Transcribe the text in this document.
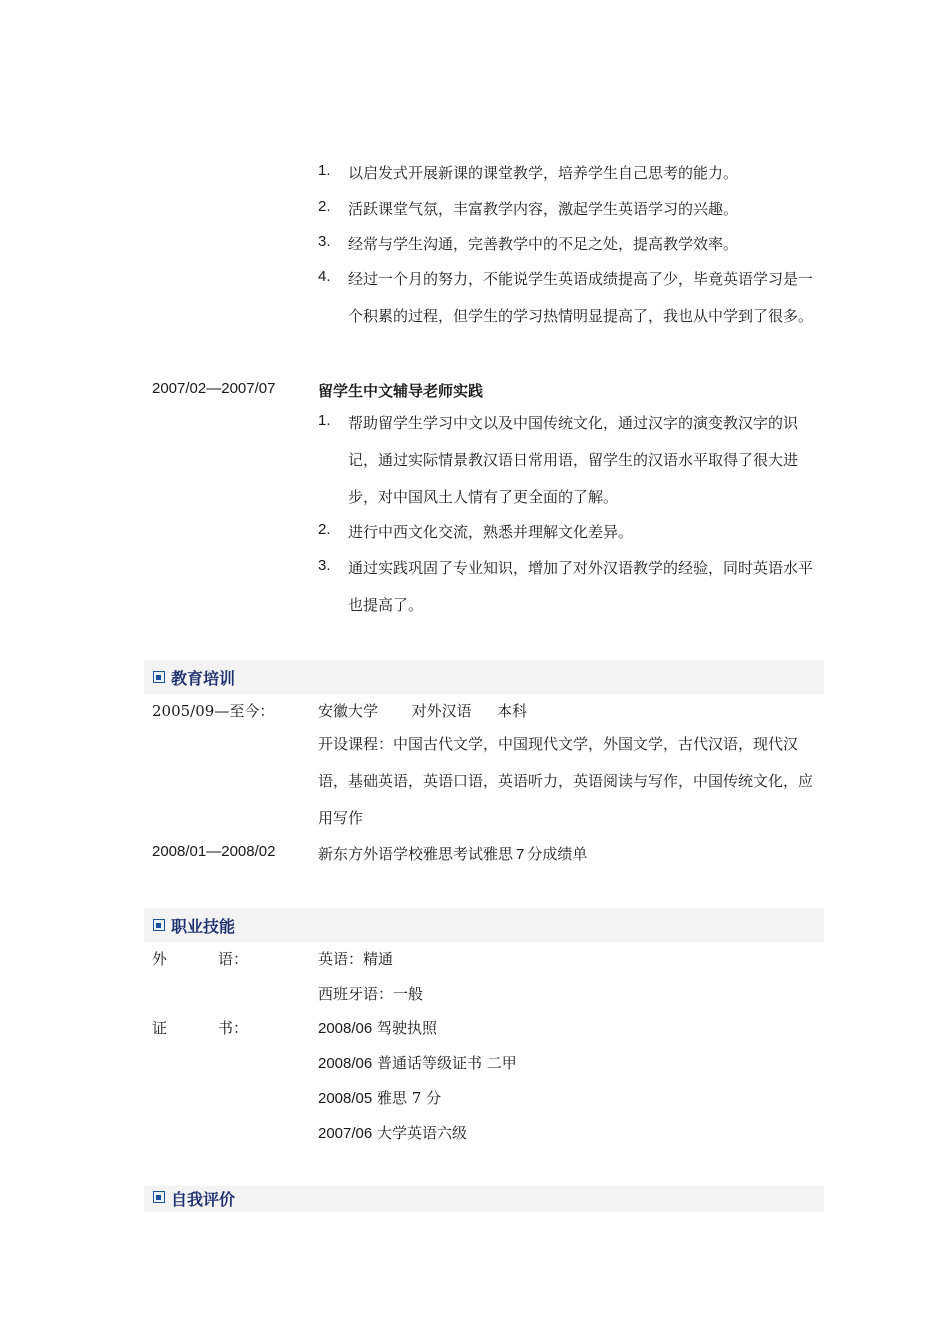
1. 以启发式开展新课的课堂教学，培养学生自己思考的能力。
2. 活跃课堂气氛，丰富教学内容，激起学生英语学习的兴趣。
3. 经常与学生沟通，完善教学中的不足之处，提高教学效率。
4. 经过一个月的努力，不能说学生英语成绩提高了少，毕竟英语学习是一个积累的过程，但学生的学习热情明显提高了，我也从中学到了很多。
2007/02—2007/07	留学生中文辅导老师实践
1. 帮助留学生学习中文以及中国传统文化，通过汉字的演变教汉字的识记，通过实际情景教汉语日常用语，留学生的汉语水平取得了很大进步，对中国风土人情有了更全面的了解。
2. 进行中西文化交流，熟悉并理解文化差异。
3. 通过实践巩固了专业知识，增加了对外汉语教学的经验，同时英语水平也提高了。
教育培训
2005/09—至今：	安徽大学 对外汉语 本科
开设课程：中国古代文学，中国现代文学，外国文学，古代汉语，现代汉语，基础英语，英语口语，英语听力，英语阅读与写作，中国传统文化，应用写作
2008/01—2008/02	新东方外语学校雅思考试雅思 7 分成绩单
职业技能
外	语：	英语：精通
西班牙语：一般
证	书：	2008/06 驾驶执照
2008/06 普通话等级证书 二甲
2008/05 雅思 7 分
2007/06 大学英语六级
自我评价
